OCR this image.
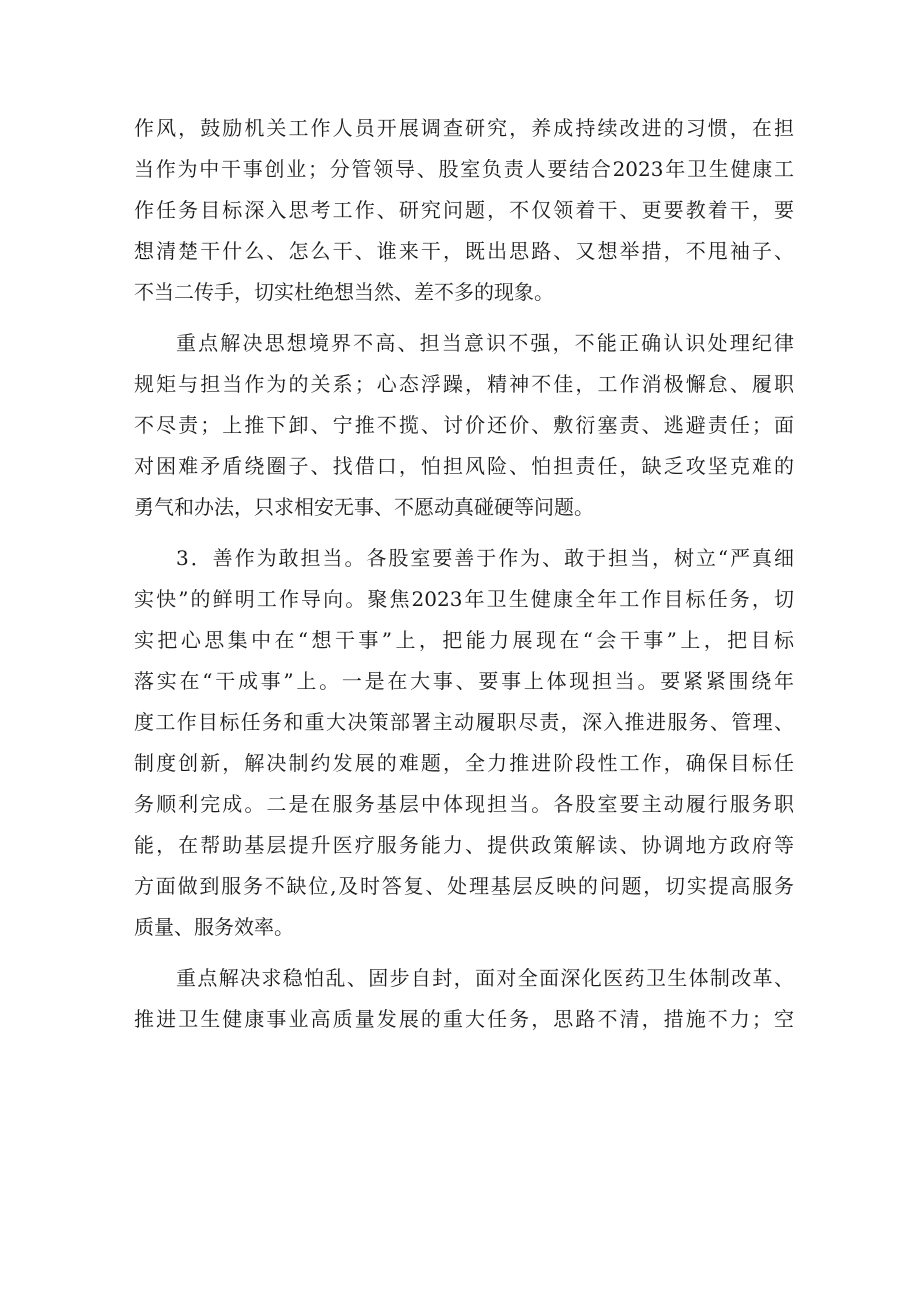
作风，鼓励机关工作人员开展调查研究，养成持续改进的习惯，在担
当作为中干事创业；分管领导、股室负责人要结合2023年卫生健康工
作任务目标深入思考工作、研究问题，不仅领着干、更要教着干，要
想清楚干什么、怎么干、谁来干，既出思路、又想举措，不甩袖子、
不当二传手，切实杜绝想当然、差不多的现象。
重点解决思想境界不高、担当意识不强，不能正确认识处理纪律
规矩与担当作为的关系；心态浮躁，精神不佳，工作消极懈怠、履职
不尽责；上推下卸、宁推不揽、讨价还价、敷衍塞责、逃避责任；面
对困难矛盾绕圈子、找借口，怕担风险、怕担责任，缺乏攻坚克难的
勇气和办法，只求相安无事、不愿动真碰硬等问题。
3．善作为敢担当。各股室要善于作为、敢于担当，树立“严真细
实快”的鲜明工作导向。聚焦2023年卫生健康全年工作目标任务，切
实把心思集中在“想干事”上，把能力展现在“会干事”上，把目标
落实在“干成事”上。一是在大事、要事上体现担当。要紧紧围绕年
度工作目标任务和重大决策部署主动履职尽责，深入推进服务、管理、
制度创新，解决制约发展的难题，全力推进阶段性工作，确保目标任
务顺利完成。二是在服务基层中体现担当。各股室要主动履行服务职
能，在帮助基层提升医疗服务能力、提供政策解读、协调地方政府等
方面做到服务不缺位,及时答复、处理基层反映的问题，切实提高服务
质量、服务效率。
重点解决求稳怕乱、固步自封，面对全面深化医药卫生体制改革、
推进卫生健康事业高质量发展的重大任务，思路不清，措施不力；空
